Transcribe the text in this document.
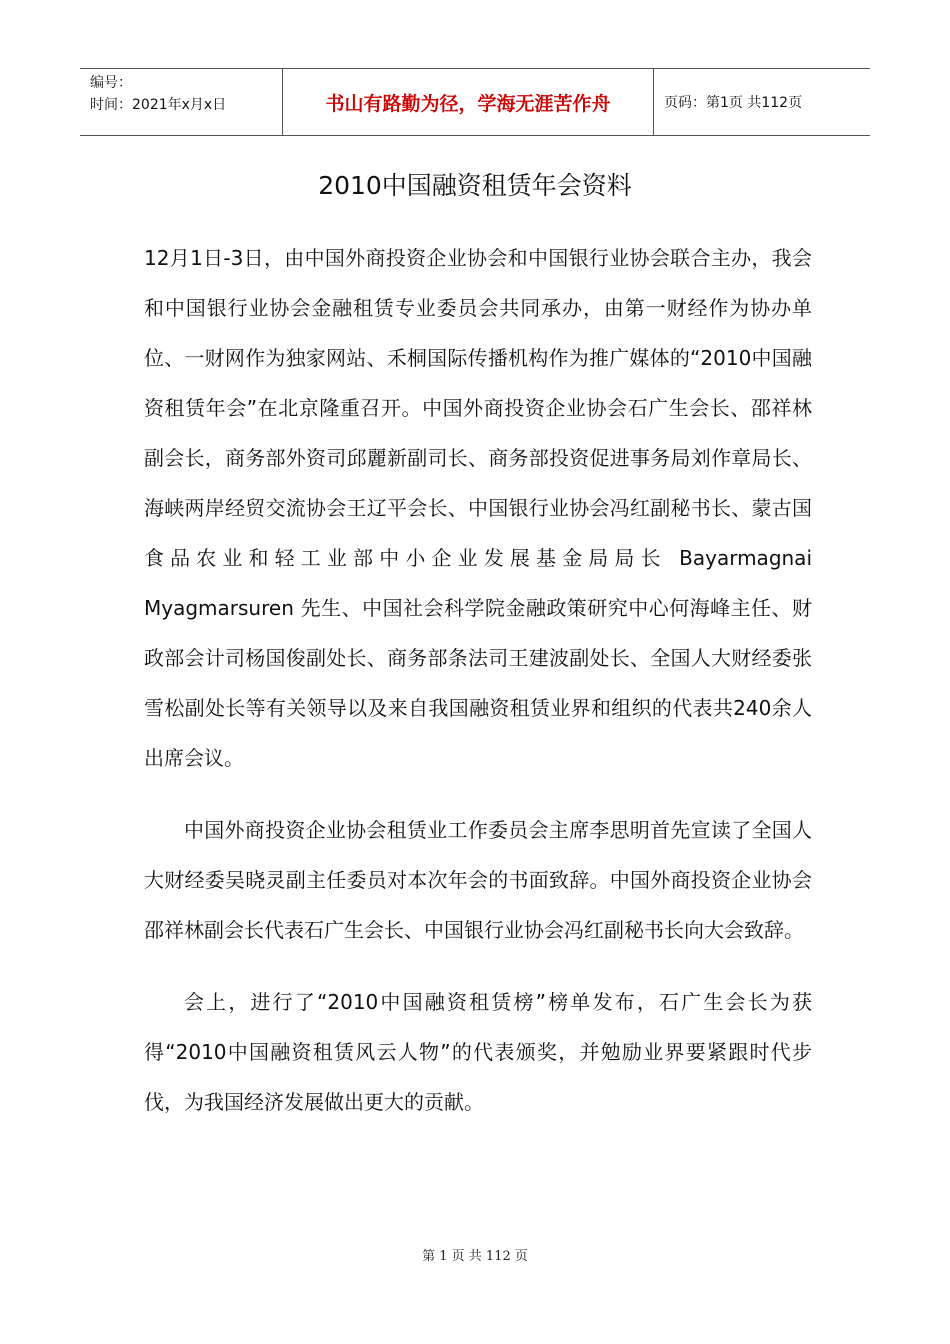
编号：
时间：2021年x月x日	书山有路勤为径，学海无涯苦作舟	页码：第1页 共112页
2010中国融资租赁年会资料

12月1日-3日，由中国外商投资企业协会和中国银行业协会联合主办，我会和中国银行业协会金融租赁专业委员会共同承办，由第一财经作为协办单位、一财网作为独家网站、禾桐国际传播机构作为推广媒体的“2010中国融资租赁年会”在北京隆重召开。中国外商投资企业协会石广生会长、邵祥林副会长，商务部外资司邱麗新副司长、商务部投资促进事务局刘作章局长、海峡两岸经贸交流协会王辽平会长、中国银行业协会冯红副秘书长、蒙古国食品农业和轻工业部中小企业发展基金局局长 Bayarmagnai Myagmarsuren 先生、中国社会科学院金融政策研究中心何海峰主任、财政部会计司杨国俊副处长、商务部条法司王建波副处长、全国人大财经委张雪松副处长等有关领导以及来自我国融资租赁业界和组织的代表共240余人出席会议。

中国外商投资企业协会租赁业工作委员会主席李思明首先宣读了全国人大财经委吴晓灵副主任委员对本次年会的书面致辞。中国外商投资企业协会邵祥林副会长代表石广生会长、中国银行业协会冯红副秘书长向大会致辞。

会上，进行了“2010中国融资租赁榜”榜单发布，石广生会长为获得“2010中国融资租赁风云人物”的代表颁奖，并勉励业界要紧跟时代步伐，为我国经济发展做出更大的贡献。

第 1 页 共 112 页
